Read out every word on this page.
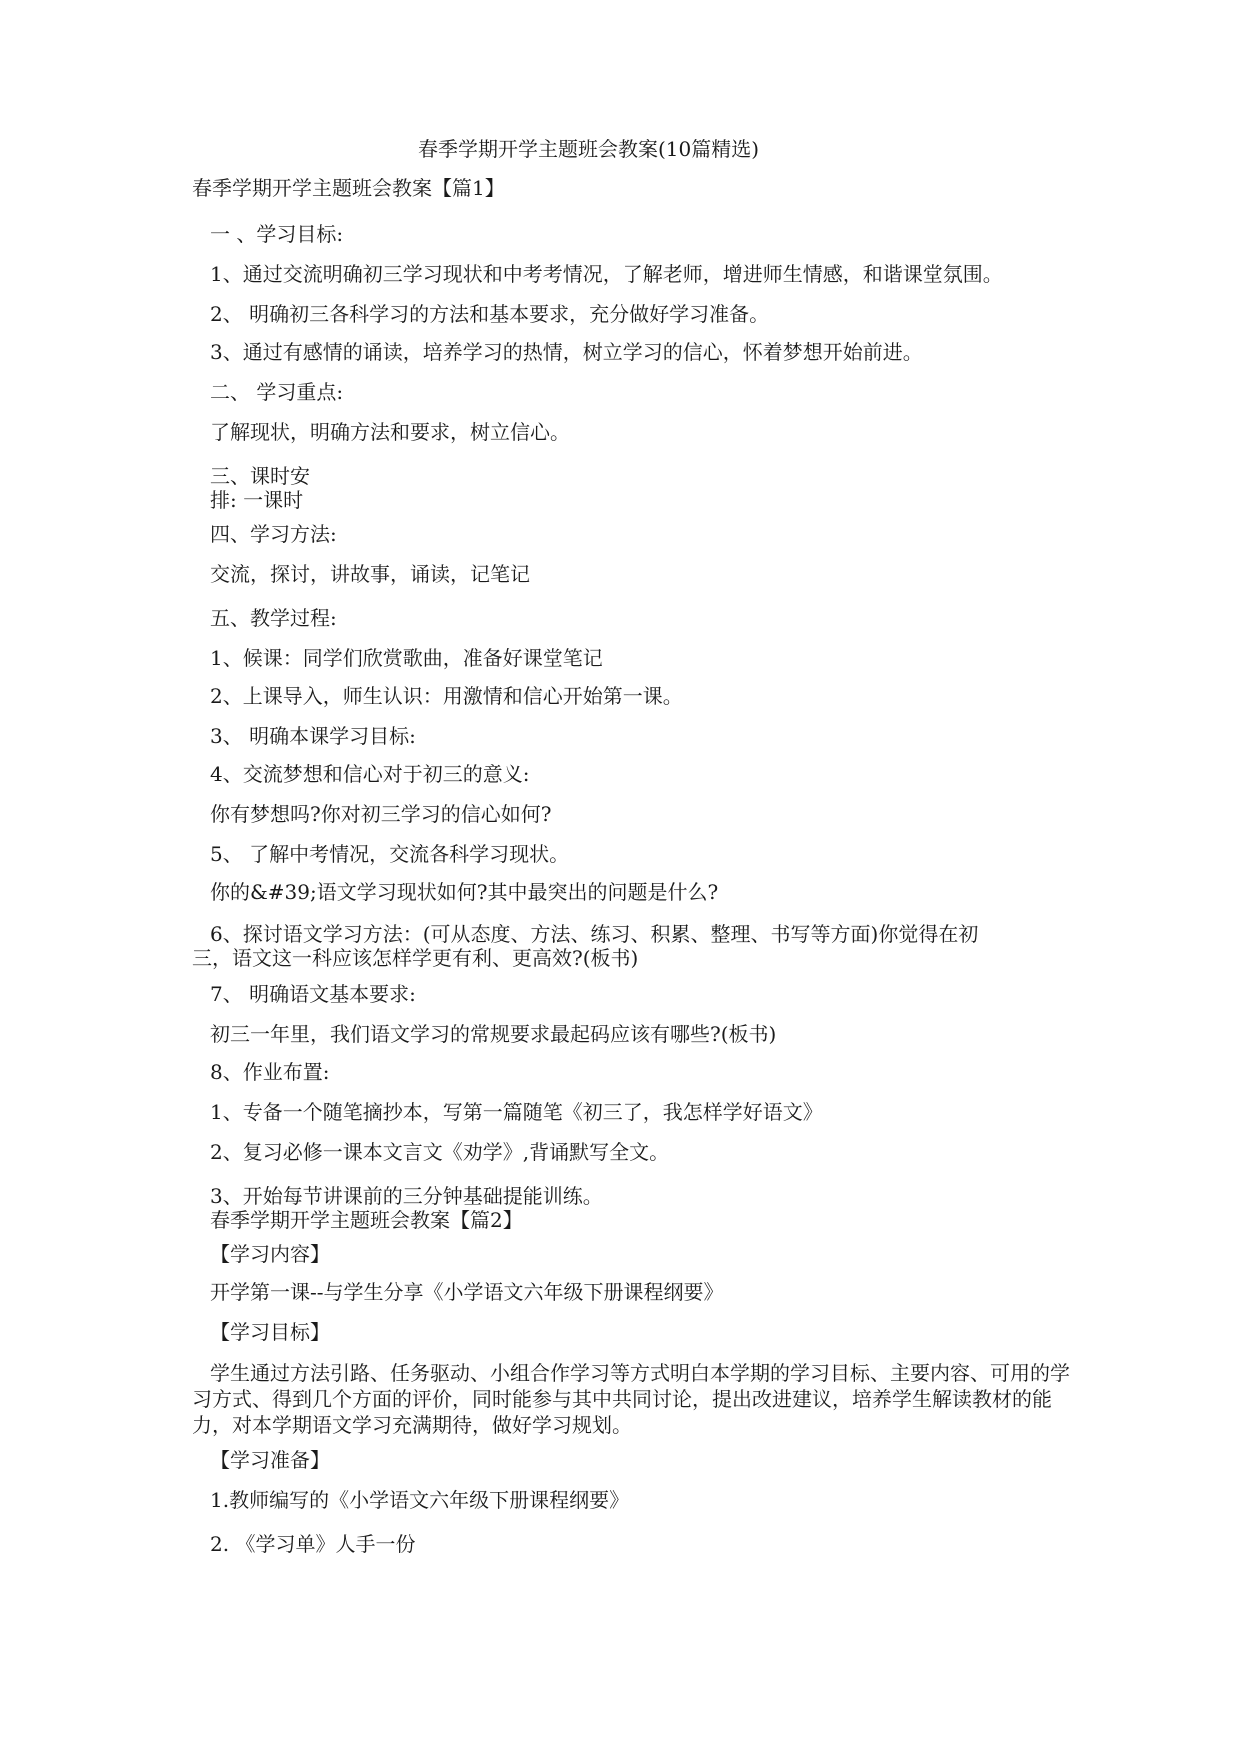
春季学期开学主题班会教案(10篇精选)
春季学期开学主题班会教案【篇1】
一 、学习目标:
1、通过交流明确初三学习现状和中考考情况，了解老师，增进师生情感，和谐课堂氛围。
2、 明确初三各科学习的方法和基本要求，充分做好学习准备。
3、通过有感情的诵读，培养学习的热情，树立学习的信心，怀着梦想开始前进。
二、 学习重点:
了解现状，明确方法和要求，树立信心。
三、课时安
排: 一课时
四、学习方法:
交流，探讨，讲故事，诵读，记笔记
五、教学过程:
1、候课：同学们欣赏歌曲，准备好课堂笔记
2、上课导入，师生认识：用激情和信心开始第一课。
3、 明确本课学习目标:
4、交流梦想和信心对于初三的意义:
你有梦想吗?你对初三学习的信心如何?
5、 了解中考情况，交流各科学习现状。
你的&#39;语文学习现状如何?其中最突出的问题是什么?
6、探讨语文学习方法：(可从态度、方法、练习、积累、整理、书写等方面)你觉得在初
三，语文这一科应该怎样学更有利、更高效?(板书)
7、 明确语文基本要求:
初三一年里，我们语文学习的常规要求最起码应该有哪些?(板书)
8、作业布置:
1、专备一个随笔摘抄本，写第一篇随笔《初三了，我怎样学好语文》
2、复习必修一课本文言文《劝学》,背诵默写全文。
3、开始每节讲课前的三分钟基础提能训练。
春季学期开学主题班会教案【篇2】
【学习内容】
开学第一课--与学生分享《小学语文六年级下册课程纲要》
【学习目标】
学生通过方法引路、任务驱动、小组合作学习等方式明白本学期的学习目标、主要内容、可用的学习方式、得到几个方面的评价，同时能参与其中共同讨论，提出改进建议，培养学生解读教材的能力，对本学期语文学习充满期待，做好学习规划。
【学习准备】
1.教师编写的《小学语文六年级下册课程纲要》
2. 《学习单》人手一份
